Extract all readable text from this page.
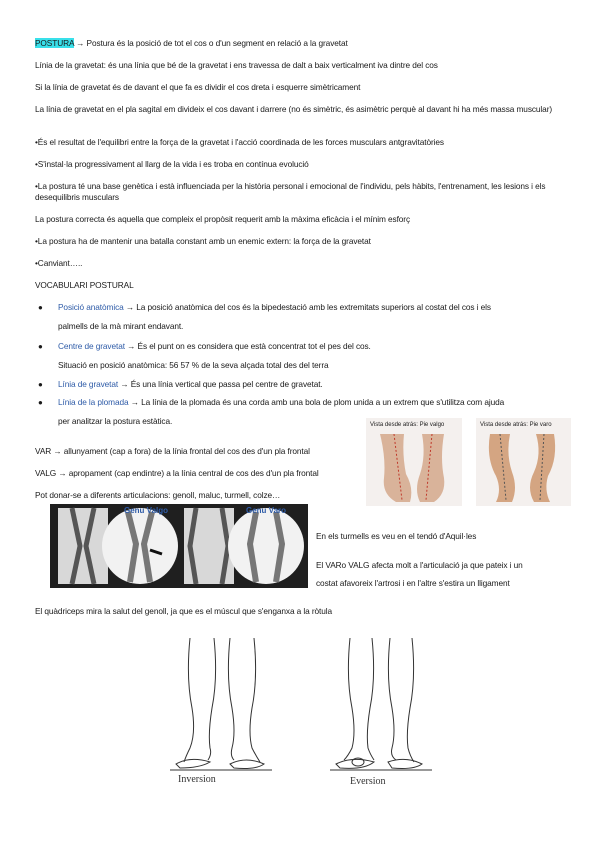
POSTURA → Postura és la posició de tot el cos o d'un segment en relació a la gravetat
Línia de la gravetat: és una línia que bé de la gravetat i ens travessa de dalt a baix verticalment iva dintre del cos
Si la línia de gravetat és de davant el que fa es dividir el cos dreta i esquerre simètricament
La línia de gravetat en el pla sagital em divideix el cos davant i darrere (no és simètric, és asimètric perquè al davant hi ha més massa muscular)
•És el resultat de l'equilibri entre la força de la gravetat i l'acció coordinada de les forces musculars antgravitatòries
•S'instal·la progressivament al llarg de la vida i es troba en contínua evolució
•La postura té una base genètica i està influenciada per la història personal i emocional de l'individu, pels hàbits, l'entrenament, les lesions i els desequilibris musculars
La postura correcta és aquella que compleix el propòsit requerit amb la màxima eficàcia i el mínim esforç
•La postura ha de mantenir una batalla constant amb un enemic extern: la força de la gravetat
•Canviant…..
VOCABULARI POSTURAL
● Posició anatòmica → La posició anatòmica del cos és la bipedestació amb les extremitats superiors al costat del cos i els
palmells de la mà mirant endavant.
● Centre de gravetat → És el punt on es considera que està concentrat tot el pes del cos.
Situació en posició anatòmica: 56 57 % de la seva alçada total des del terra
● Línia de gravetat → És una línia vertical que passa pel centre de gravetat.
● Línia de la plomada → La línia de la plomada és una corda amb una bola de plom unida a un extrem que s'utilitza com ajuda
per analitzar la postura estàtica.
VAR → allunyament (cap a fora) de la línia frontal del cos des d'un pla frontal
VALG → apropament (cap endintre) a la línia central de cos des d'un pla frontal
Pot donar-se a diferents articulacions: genoll, maluc, turmell, colze…
Vista desde atrás: Pie valgo	Vista desde atrás: Pie varo
Genu Valgo	Genu Varo
En els turmells es veu en el tendó d'Aquil·les
El VARo VALG afecta molt a l'articulació ja que pateix i un
costat afavoreix l'artrosi i en l'altre s'estira un lligament
El quàdriceps mira la salut del genoll, ja que es el múscul que s'enganxa a la ròtula
Inversion	Eversion
